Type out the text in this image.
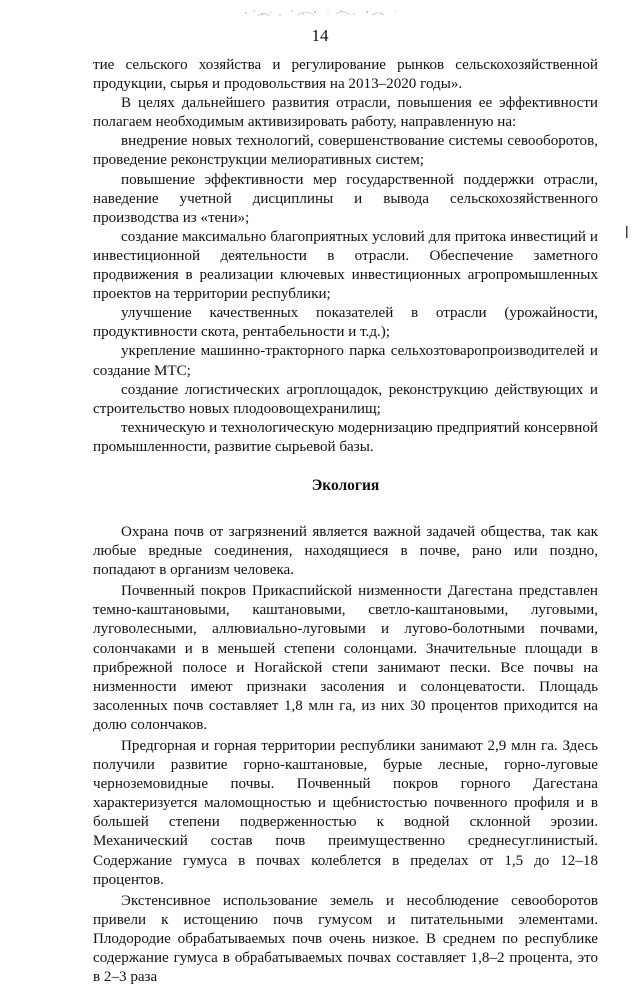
14

тие сельского хозяйства и регулирование рынков сельскохозяйственной продукции, сырья и продовольствия на 2013–2020 годы».

В целях дальнейшего развития отрасли, повышения ее эффективности полагаем необходимым активизировать работу, направленную на:

внедрение новых технологий, совершенствование системы севооборотов, проведение реконструкции мелиоративных систем;

повышение эффективности мер государственной поддержки отрасли, наведение учетной дисциплины и вывода сельскохозяйственного производства из «тени»;

создание максимально благоприятных условий для притока инвестиций и инвестиционной деятельности в отрасли. Обеспечение заметного продвижения в реализации ключевых инвестиционных агропромышленных проектов на территории республики;

улучшение качественных показателей в отрасли (урожайности, продуктивности скота, рентабельности и т.д.);

укрепление машинно-тракторного парка сельхозтоваропроизводителей и создание МТС;

создание логистических агроплощадок, реконструкцию действующих и строительство новых плодоовощехранилищ;

техническую и технологическую модернизацию предприятий консервной промышленности, развитие сырьевой базы.

Экология

Охрана почв от загрязнений является важной задачей общества, так как любые вредные соединения, находящиеся в почве, рано или поздно, попадают в организм человека.

Почвенный покров Прикаспийской низменности Дагестана представлен темно-каштановыми, каштановыми, светло-каштановыми, луговыми, луговолесными, аллювиально-луговыми и лугово-болотными почвами, солончаками и в меньшей степени солонцами. Значительные площади в прибрежной полосе и Ногайской степи занимают пески. Все почвы на низменности имеют признаки засоления и солонцеватости. Площадь засоленных почв составляет 1,8 млн га, из них 30 процентов приходится на долю солончаков.

Предгорная и горная территории республики занимают 2,9 млн га. Здесь получили развитие горно-каштановые, бурые лесные, горно-луговые черноземовидные почвы. Почвенный покров горного Дагестана характеризуется маломощностью и щебнистостью почвенного профиля и в большей степени подверженностью к водной склонной эрозии. Механический состав почв преимущественно среднесуглинистый. Содержание гумуса в почвах колеблется в пределах от 1,5 до 12–18 процентов.

Экстенсивное использование земель и несоблюдение севооборотов привели к истощению почв гумусом и питательными элементами. Плодородие обрабатываемых почв очень низкое. В среднем по республике содержание гумуса в обрабатываемых почвах составляет 1,8–2 процента, это в 2–3 раза
